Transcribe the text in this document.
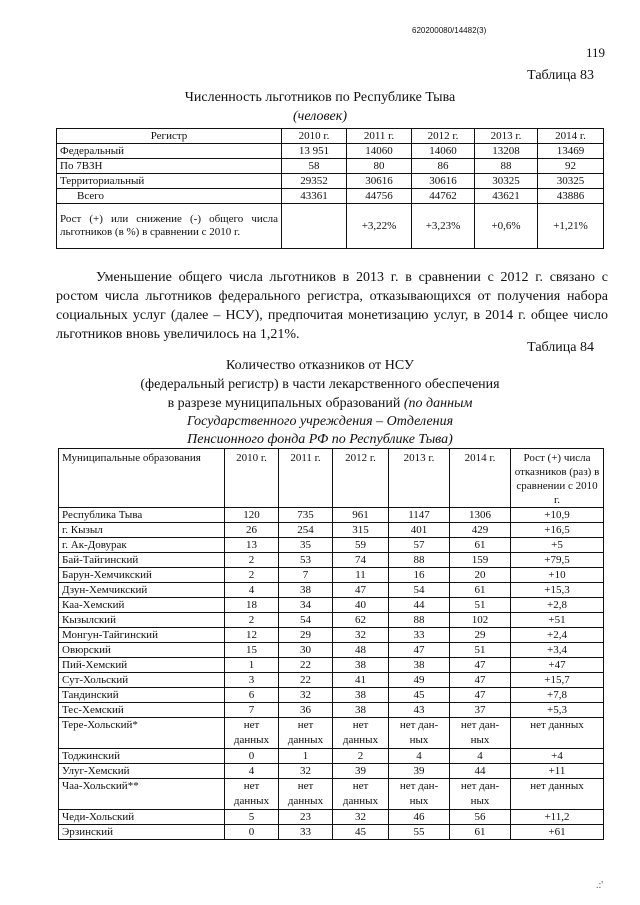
620200080/14482(3)
119
Таблица 83
Численность льготников по Республике Тыва
(человек)
Регистр	2010 г.	2011 г.	2012 г.	2013 г.	2014 г.
Федеральный	13 951	14060	14060	13208	13469
По 7ВЗН	58	80	86	88	92
Территориальный	29352	30616	30616	30325	30325
Всего	43361	44756	44762	43621	43886
Рост (+) или снижение (-) общего числа льготников (в %) в сравнении с 2010 г.		+3,22%	+3,23%	+0,6%	+1,21%
Уменьшение общего числа льготников в 2013 г. в сравнении с 2012 г. связано с ростом числа льготников федерального регистра, отказывающихся от получения набора социальных услуг (далее – НСУ), предпочитая монетизацию услуг, в 2014 г. общее число льготников вновь увеличилось на 1,21%.
Таблица 84
Количество отказников от НСУ
(федеральный регистр) в части лекарственного обеспечения
в разрезе муниципальных образований (по данным
Государственного учреждения – Отделения
Пенсионного фонда РФ по Республике Тыва)
Муниципальные образования	2010 г.	2011 г.	2012 г.	2013 г.	2014 г.	Рост (+) числа отказников (раз) в сравнении с 2010 г.
Республика Тыва	120	735	961	1147	1306	+10,9
г. Кызыл	26	254	315	401	429	+16,5
г. Ак-Довурак	13	35	59	57	61	+5
Бай-Тайгинский	2	53	74	88	159	+79,5
Барун-Хемчикский	2	7	11	16	20	+10
Дзун-Хемчикский	4	38	47	54	61	+15,3
Каа-Хемский	18	34	40	44	51	+2,8
Кызылский	2	54	62	88	102	+51
Монгун-Тайгинский	12	29	32	33	29	+2,4
Овюрский	15	30	48	47	51	+3,4
Пий-Хемский	1	22	38	38	47	+47
Сут-Хольский	3	22	41	49	47	+15,7
Тандинский	6	32	38	45	47	+7,8
Тес-Хемский	7	36	38	43	37	+5,3
Тере-Хольский*	нет данных	нет данных	нет данных	нет дан-ных	нет дан-ных	нет данных
Тоджинский	0	1	2	4	4	+4
Улуг-Хемский	4	32	39	39	44	+11
Чаа-Хольский**	нет данных	нет данных	нет данных	нет дан-ных	нет дан-ных	нет данных
Чеди-Хольский	5	23	32	46	56	+11,2
Эрзинский	0	33	45	55	61	+61
.:'
